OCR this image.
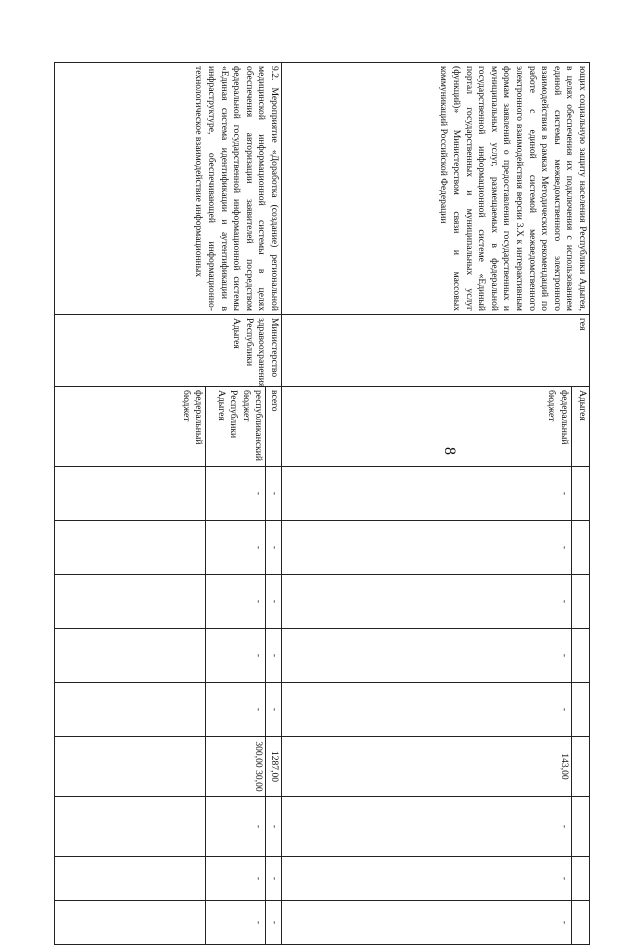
8
ющих социальную защиту населения Республики Адыгея, в целях обеспечения их подключения с использованием единой системы межведомственного электронного взаимодействия в рамках Методических рекомендаций по работе с единой системой межведомственного электронного взаимодействия версии 3.Х к интерактивным формам заявлений о предоставлении государственных и муниципальных услуг, размещаемых в федеральной государственной информационной системе «Единый портал государственных и муниципальных услуг (функций)» Министерством связи и массовых коммуникаций Российской Федерации	гея	Адыгея									
		федеральный бюджет	-	-	-	-	-	143,00	-	-	-
9.2. Мероприятие «Доработка (создание) региональной медицинской информационной системы в целях обеспечения авторизации заявителей посредством федеральной государственной информационной системы «Единая система идентификации и аутентификации в инфраструктуре, обеспечивающей информационно-технологическое взаимодействие информационных	Министерство здравоохранения Республики Адыгея	всего	-	-	-	-	-	1287,00	-	-	-
		республиканский бюджет Республики Адыгея	-	-	-	-	-	300,00 30,00	-	-	-
		федеральный бюджет									
